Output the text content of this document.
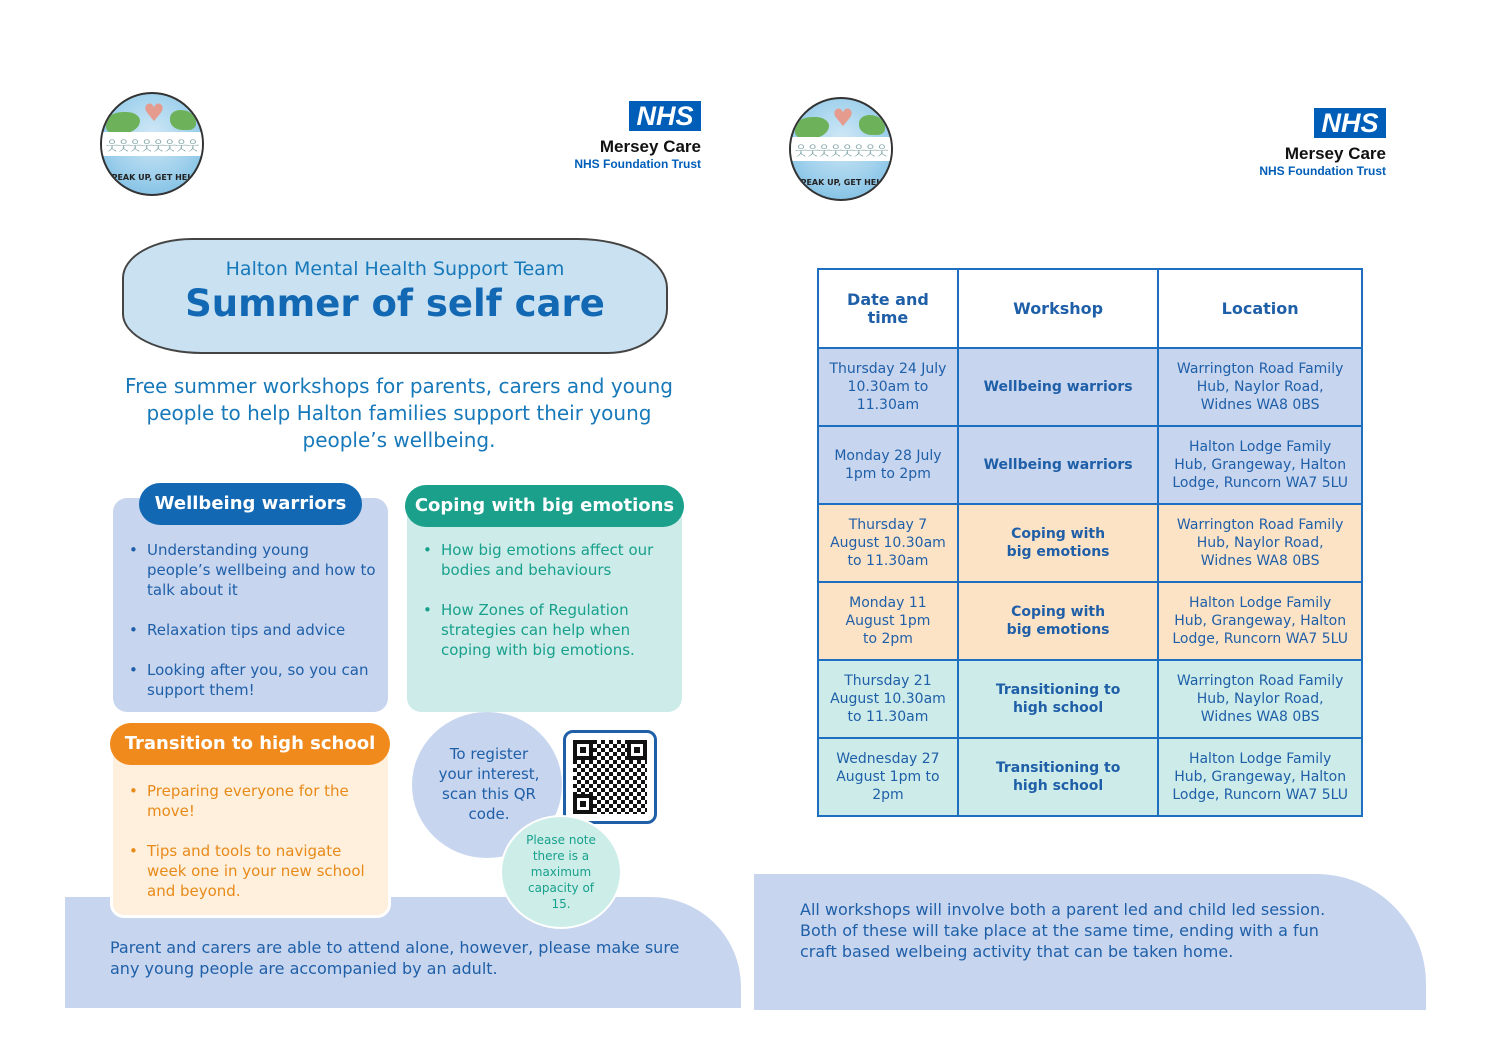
♥
웃웃웃웃웃웃웃웃
SPEAK UP, GET HELP
NHS
Mersey Care
NHS Foundation Trust
Halton Mental Health Support Team
Summer of self care
Free summer workshops for parents, carers and young people to help Halton families support their young people’s wellbeing.
• Understanding young people’s wellbeing and how to talk about it
• Relaxation tips and advice
• Looking after you, so you can support them!
Wellbeing warriors
• How big emotions affect our bodies and behaviours
• How Zones of Regulation strategies can help when coping with big emotions.
Coping with big emotions
Parent and carers are able to attend alone, however, please make sure any young people are accompanied by an adult.
• Preparing everyone for the move!
• Tips and tools to navigate week one in your new school and beyond.
Transition to high school	To register your interest, scan this QR code.
Please note there is a maximum capacity of 15.
♥
웃웃웃웃웃웃웃웃
SPEAK UP, GET HELP
NHS
Mersey Care
NHS Foundation Trust
Date and time	Workshop	Location

Thursday 24 July 10.30am to 11.30am	Wellbeing warriors	Warrington Road Family Hub, Naylor Road, Widnes WA8 0BS

Monday 28 July 1pm to 2pm	Wellbeing warriors	Halton Lodge Family Hub, Grangeway, Halton Lodge, Runcorn WA7 5LU

Thursday 7 August 10.30am to 11.30am	Coping with big emotions	Warrington Road Family Hub, Naylor Road, Widnes WA8 0BS

Monday 11 August 1pm to 2pm	Coping with big emotions	Halton Lodge Family Hub, Grangeway, Halton Lodge, Runcorn WA7 5LU

Thursday 21 August 10.30am to 11.30am	Transitioning to high school	Warrington Road Family Hub, Naylor Road, Widnes WA8 0BS

Wednesday 27 August 1pm to 2pm	Transitioning to high school	Halton Lodge Family Hub, Grangeway, Halton Lodge, Runcorn WA7 5LU
All workshops will involve both a parent led and child led session. Both of these will take place at the same time, ending with a fun craft based welbeing activity that can be taken home.
